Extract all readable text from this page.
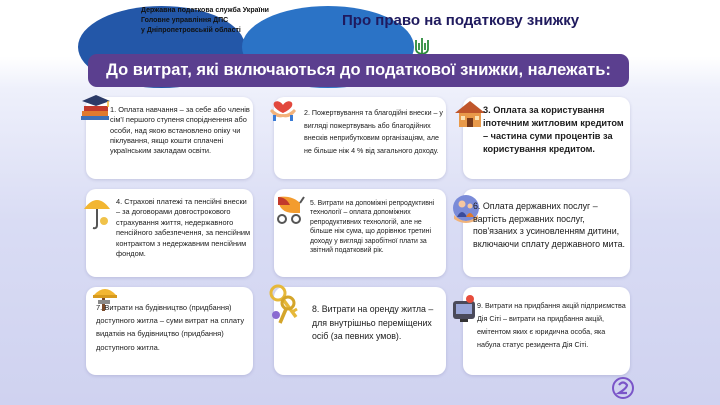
Державна податкова служба України
Головне управління ДПС
у Дніпропетровській області
Про право на податкову знижку
До витрат, які включаються до податкової знижки, належать:
1. Оплата навчання – за себе або членів сім'ї першого ступеня спорідненння або особи, над якою встановлено опіку чи піклування, якщо кошти сплачені українським закладам освіти.
2. Пожертвування та благодійні внески – у вигляді пожертвувань або благодійних внесків неприбутковим організаціям, але не більше ніж 4 % від загального доходу.
3. Оплата за користування іпотечним житловим кредитом – частина суми процентів за користування кредитом.
4. Страхові платежі та пенсійні внески – за договорами довгострокового страхування життя, недержавного пенсійного забезпечення, за пенсійним контрактом з недержавним пенсійним фондом.
5. Витрати на допоміжні репродуктивні технології – оплата допоміжних репродуктивних технологій, але не більше ніж сума, що дорівнює третині доходу у вигляді заробітної плати за звітний податковий рік.
6. Оплата державних послуг – вартість державних послуг, пов'язаних з усиновленням дитини, включаючи сплату державного мита.
7. Витрати на будівництво (придбання) доступного житла – суми витрат на сплату видатків на будівництво (придбання) доступного житла.
8. Витрати на оренду житла – для внутрішньо переміщених осіб (за певних умов).
9. Витрати на придбання акцій підприємства Дія Сіті – витрати на придбання акцій, емітентом яких є юридична особа, яка набула статус резидента Дія Сіті.
